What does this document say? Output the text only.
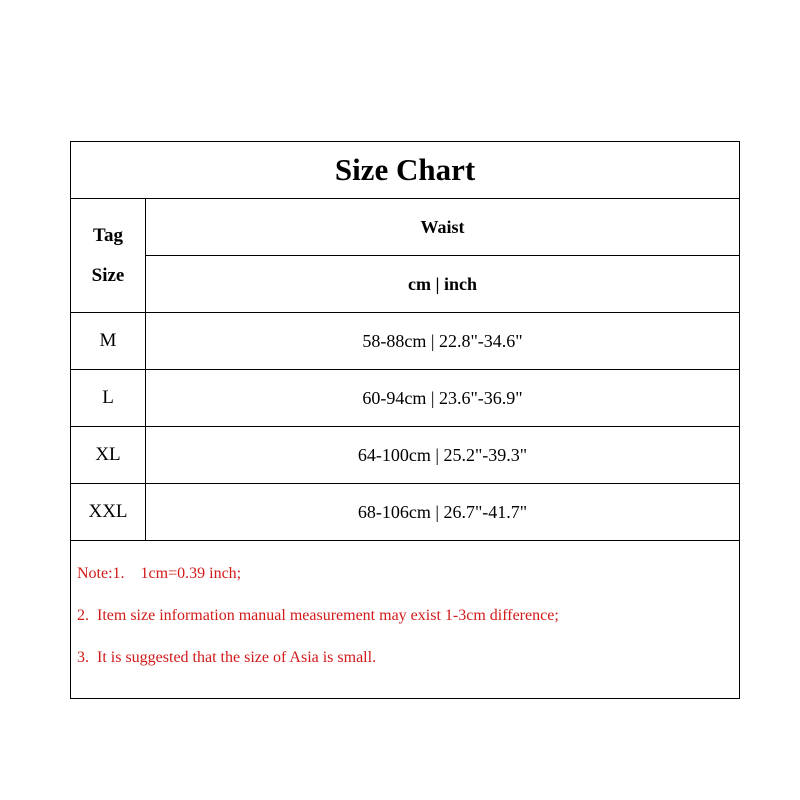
Size Chart	

Tag
Size	Waist
	cm | inch
M	58-88cm | 22.8"-34.6"
L	60-94cm | 23.6"-36.9"
XL	64-100cm | 25.2"-39.3"
XXL	68-106cm | 26.7"-41.7"

Note:1.    1cm=0.39 inch;
2.  Item size information manual measurement may exist 1-3cm difference;
3.  It is suggested that the size of Asia is small.	
